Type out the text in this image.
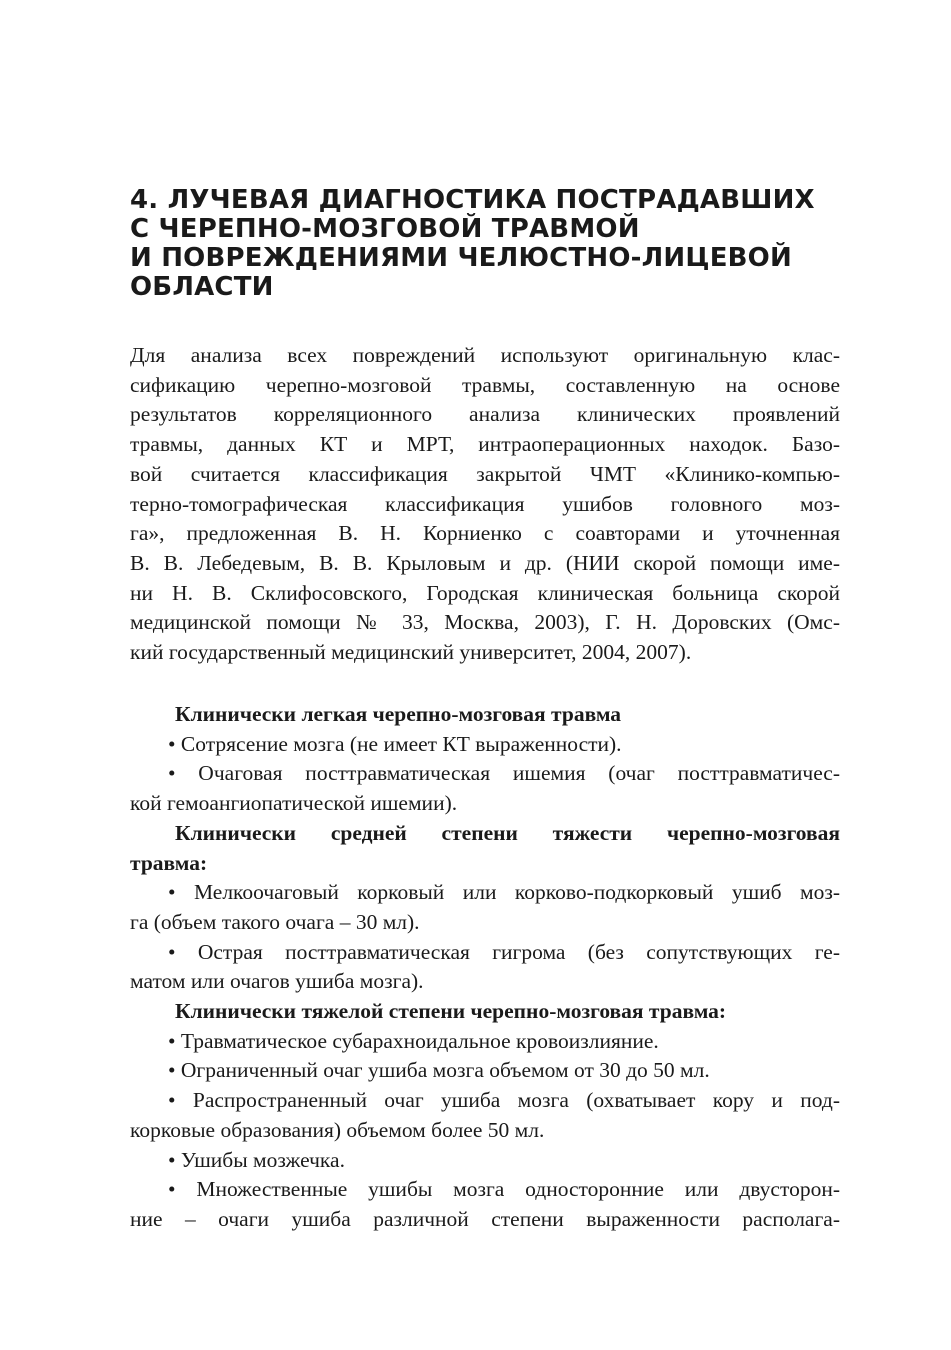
4. ЛУЧЕВАЯ ДИАГНОСТИКА ПОСТРАДАВШИХ
С ЧЕРЕПНО-МОЗГОВОЙ ТРАВМОЙ
И ПОВРЕЖДЕНИЯМИ ЧЕЛЮСТНО-ЛИЦЕВОЙ
ОБЛАСТИ
Для анализа всех повреждений используют оригинальную клас-
сификацию черепно-мозговой травмы, составленную на основе
результатов корреляционного анализа клинических проявлений
травмы, данных КТ и МРТ, интраоперационных находок. Базо-
вой считается классификация закрытой ЧМТ «Клинико-компью-
терно-томографическая классификация ушибов головного моз-
га», предложенная В. Н. Корниенко с соавторами и уточненная
В. В. Лебедевым, В. В. Крыловым и др. (НИИ скорой помощи име-
ни Н. В. Склифосовского, Городская клиническая больница скорой
медицинской помощи № 33, Москва, 2003), Г. Н. Доровских (Омс-
кий государственный медицинский университет, 2004, 2007).
Клинически легкая черепно-мозговая травма
• Сотрясение мозга (не имеет КТ выраженности).
• Очаговая посттравматическая ишемия (очаг посттравматичес-
кой гемоангиопатической ишемии).
Клинически средней степени тяжести черепно-мозговая
травма:
• Мелкоочаговый корковый или корково-подкорковый ушиб моз-
га (объем такого очага – 30 мл).
• Острая посттравматическая гигрома (без сопутствующих ге-
матом или очагов ушиба мозга).
Клинически тяжелой степени черепно-мозговая травма:
• Травматическое субарахноидальное кровоизлияние.
• Ограниченный очаг ушиба мозга объемом от 30 до 50 мл.
• Распространенный очаг ушиба мозга (охватывает кору и под-
корковые образования) объемом более 50 мл.
• Ушибы мозжечка.
• Множественные ушибы мозга односторонние или двусторон-
ние – очаги ушиба различной степени выраженности располага-
